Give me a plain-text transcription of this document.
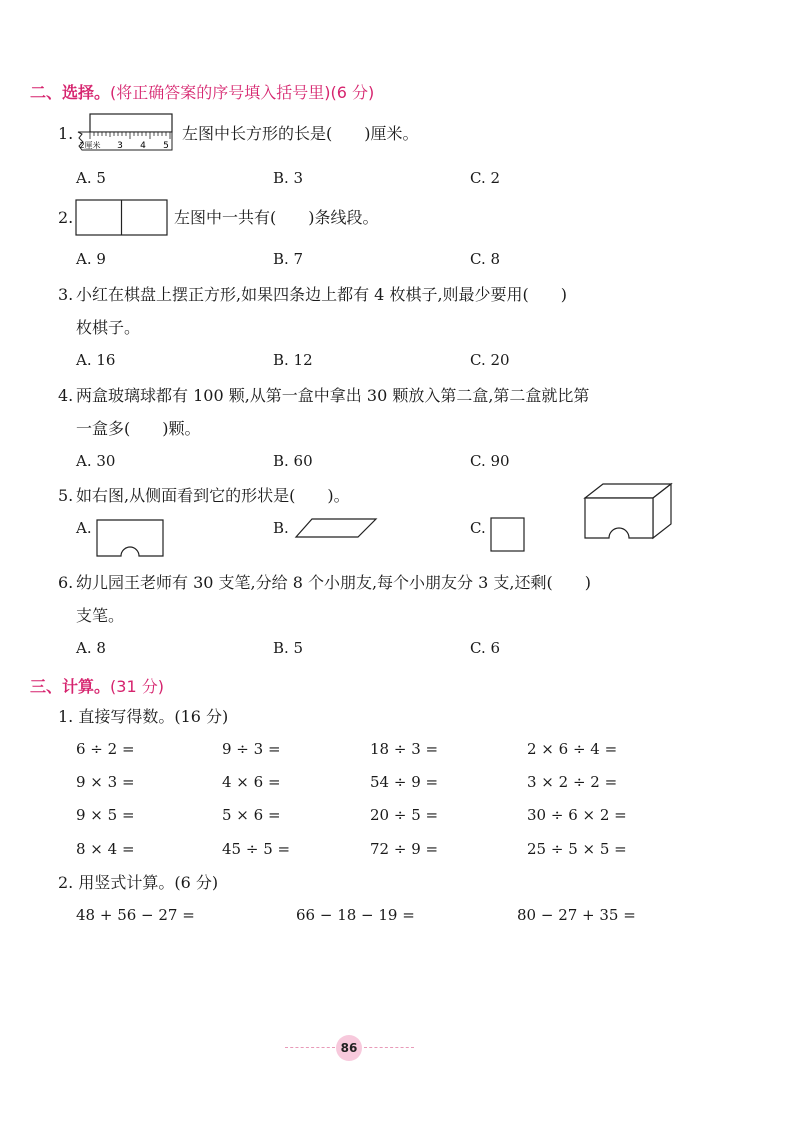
二、选择。(将正确答案的序号填入括号里)(6 分)
1.
2厘米 3 4 5
左图中长方形的长是(　　)厘米。
A. 5	B. 3	C. 2
2.	左图中一共有(　　)条线段。
A. 9	B. 7	C. 8
3. 小红在棋盘上摆正方形,如果四条边上都有 4 枚棋子,则最少要用(　　)
枚棋子。
A. 16	B. 12	C. 20
4. 两盒玻璃球都有 100 颗,从第一盒中拿出 30 颗放入第二盒,第二盒就比第
一盒多(　　)颗。
A. 30	B. 60	C. 90
5. 如右图,从侧面看到它的形状是(　　)。
A.	B.	C.
6. 幼儿园王老师有 30 支笔,分给 8 个小朋友,每个小朋友分 3 支,还剩(　　)
支笔。
A. 8	B. 5	C. 6
三、计算。(31 分)
1. 直接写得数。(16 分)
6 ÷ 2 =	9 ÷ 3 =	18 ÷ 3 =	2 × 6 ÷ 4 =
9 × 3 =	4 × 6 =	54 ÷ 9 =	3 × 2 ÷ 2 =
9 × 5 =	5 × 6 =	20 ÷ 5 =	30 ÷ 6 × 2 =
8 × 4 =	45 ÷ 5 =	72 ÷ 9 =	25 ÷ 5 × 5 =
2. 用竖式计算。(6 分)
48 + 56 − 27 =	66 − 18 − 19 =	80 − 27 + 35 =
86
